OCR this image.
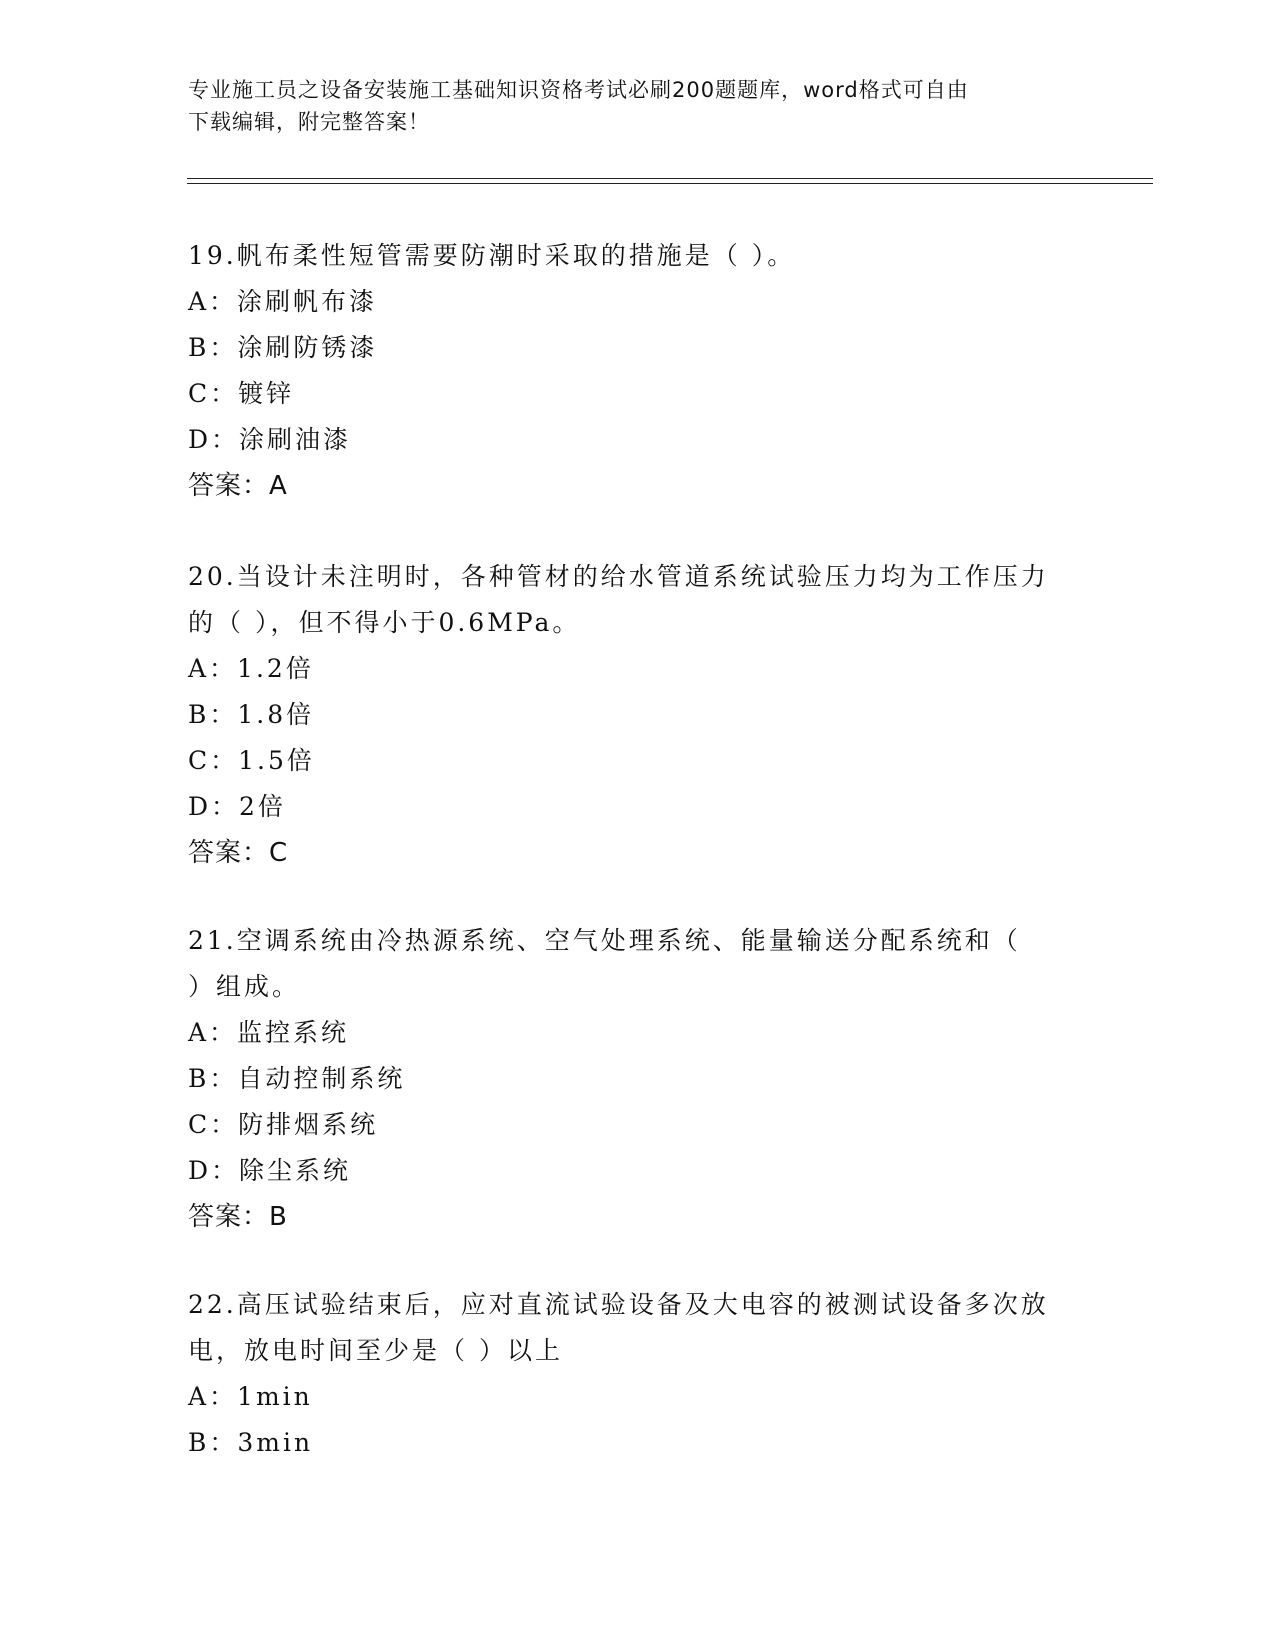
专业施工员之设备安装施工基础知识资格考试必刷200题题库，word格式可自由
下载编辑，附完整答案！
19.帆布柔性短管需要防潮时采取的措施是（ ）。
A：涂刷帆布漆
B：涂刷防锈漆
C：镀锌
D：涂刷油漆
答案：A
20.当设计未注明时，各种管材的给水管道系统试验压力均为工作压力
的（ ），但不得小于0.6MPa。
A：1.2倍
B：1.8倍
C：1.5倍
D：2倍
答案：C
21.空调系统由冷热源系统、空气处理系统、能量输送分配系统和（
）组成。
A：监控系统
B：自动控制系统
C：防排烟系统
D：除尘系统
答案：B
22.高压试验结束后，应对直流试验设备及大电容的被测试设备多次放
电，放电时间至少是（ ）以上
A：1min
B：3min
